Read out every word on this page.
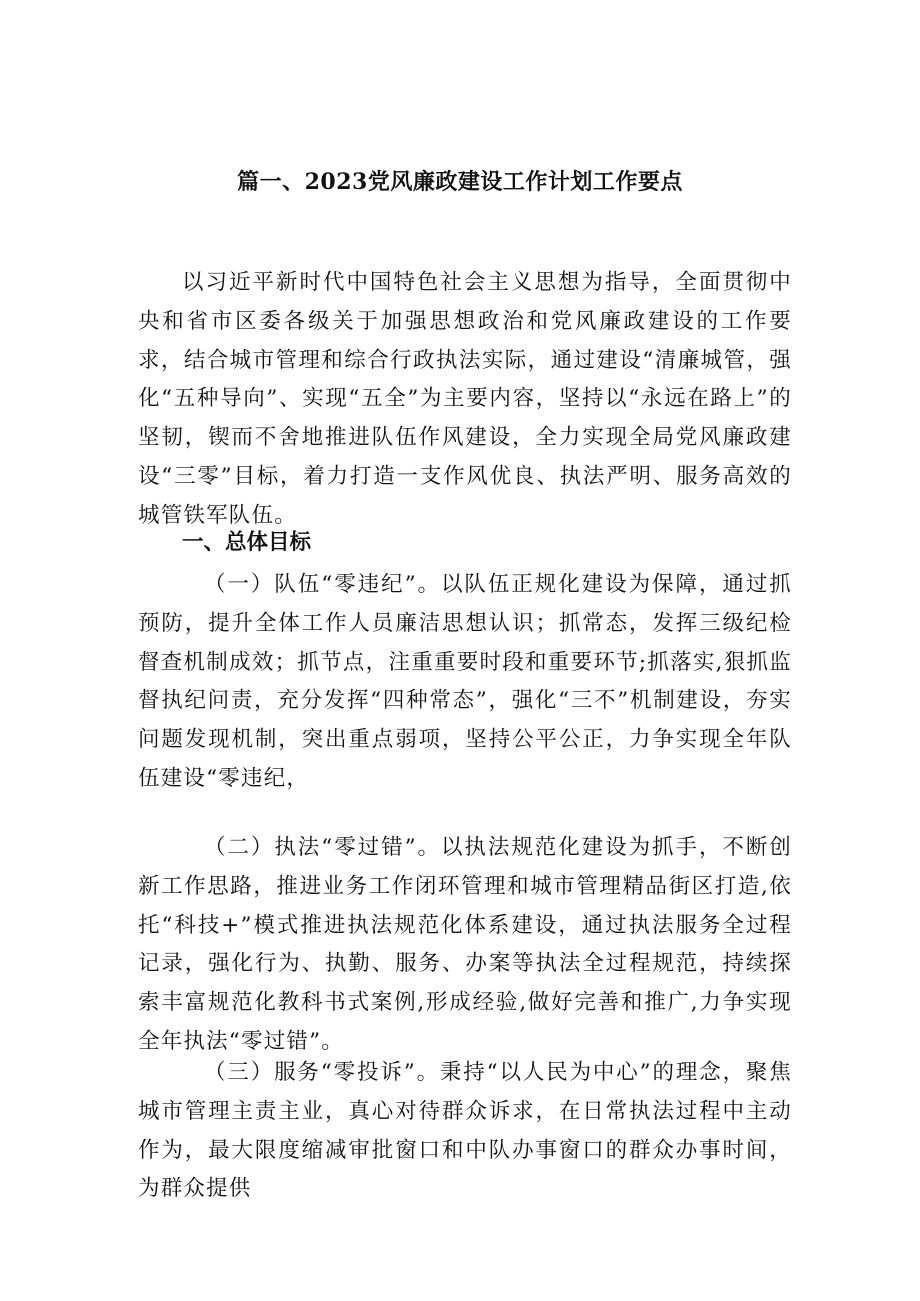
篇一、2023党风廉政建设工作计划工作要点

以习近平新时代中国特色社会主义思想为指导，全面贯彻中央和省市区委各级关于加强思想政治和党风廉政建设的工作要求，结合城市管理和综合行政执法实际，通过建设“清廉城管，强化“五种导向”、实现“五全”为主要内容，坚持以“永远在路上”的坚韧，锲而不舍地推进队伍作风建设，全力实现全局党风廉政建设“三零”目标，着力打造一支作风优良、执法严明、服务高效的城管铁军队伍。

一、总体目标

（一）队伍“零违纪”。以队伍正规化建设为保障，通过抓预防，提升全体工作人员廉洁思想认识；抓常态，发挥三级纪检督查机制成效；抓节点，注重重要时段和重要环节;抓落实,狠抓监督执纪问责，充分发挥“四种常态”，强化“三不”机制建设，夯实问题发现机制，突出重点弱项，坚持公平公正，力争实现全年队伍建设“零违纪，

（二）执法“零过错”。以执法规范化建设为抓手，不断创新工作思路，推进业务工作闭环管理和城市管理精品街区打造,依托“科技+”模式推进执法规范化体系建设，通过执法服务全过程记录，强化行为、执勤、服务、办案等执法全过程规范，持续探索丰富规范化教科书式案例,形成经验,做好完善和推广,力争实现全年执法“零过错”。

（三）服务“零投诉”。秉持“以人民为中心”的理念，聚焦城市管理主责主业，真心对待群众诉求，在日常执法过程中主动作为，最大限度缩减审批窗口和中队办事窗口的群众办事时间，为群众提供
